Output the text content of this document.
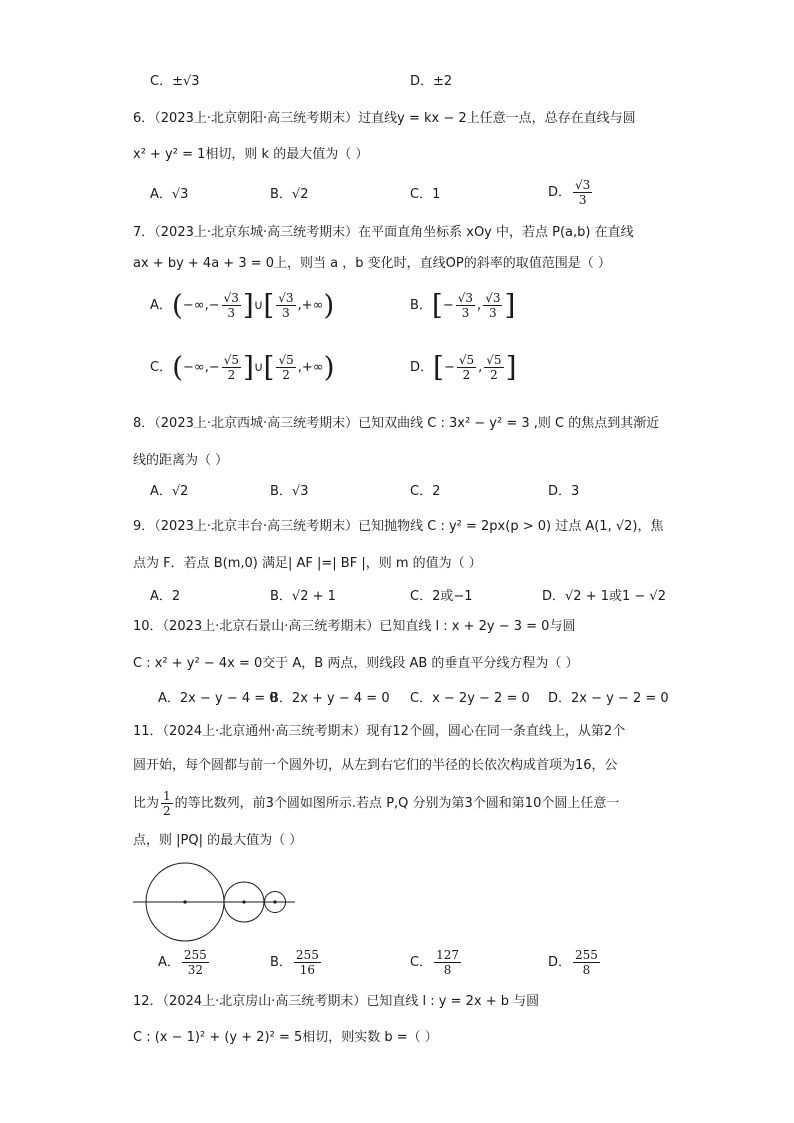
C．±√3	D．±2
6．（2023上·北京朝阳·高三统考期末）过直线y = kx − 2上任意一点，总存在直线与圆
x² + y² = 1相切，则 k 的最大值为（ ）
A．√3	B．√2	C．1	D． $\frac{√3}{3}$
7．（2023上·北京东城·高三统考期末）在平面直角坐标系 xOy 中，若点 P(a,b) 在直线
ax + by + 4a + 3 = 0上，则当 a ，b 变化时，直线OP的斜率的取值范围是（ ）
A．(−∞,− $\frac{√3}{3}$ ]∪[ $\frac{√3}{3}$ ,+∞)	B．[− $\frac{√3}{3}$ , $\frac{√3}{3}$ ]
C．(−∞,− $\frac{√5}{2}$ ]∪[ $\frac{√5}{2}$ ,+∞)	D．[− $\frac{√5}{2}$ , $\frac{√5}{2}$ ]
8．（2023上·北京西城·高三统考期末）已知双曲线 C : 3x² − y² = 3 ,则 C 的焦点到其渐近
线的距离为（ ）
A．√2	B．√3	C．2	D．3
9．（2023上·北京丰台·高三统考期末）已知抛物线 C : y² = 2px(p > 0) 过点 A(1, √2)，焦
点为 F．若点 B(m,0) 满足| AF |=| BF |，则 m 的值为（ ）
A．2	B．√2 + 1	C．2或−1	D．√2 + 1或1 − √2
10．（2023上·北京石景山·高三统考期末）已知直线 l : x + 2y − 3 = 0与圆
C : x² + y² − 4x = 0交于 A，B 两点，则线段 AB 的垂直平分线方程为（ ）
A．2x − y − 4 = 0
B．2x + y − 4 = 0 C．x − 2y − 2 = 0 D．2x − y − 2 = 0
11．（2024上·北京通州·高三统考期末）现有12个圆，圆心在同一条直线上，从第2个
圆开始，每个圆都与前一个圆外切，从左到右它们的半径的长依次构成首项为16，公
比为 $\frac{1}{2}$ 的等比数列，前3个圆如图所示.若点 P,Q 分别为第3个圆和第10个圆上任意一
点，则 |PQ| 的最大值为（ ）
A． $\frac{255}{32}$	B． $\frac{255}{16}$	C． $\frac{127}{8}$	D． $\frac{255}{8}$
12．（2024上·北京房山·高三统考期末）已知直线 l : y = 2x + b 与圆
C : (x − 1)² + (y + 2)² = 5相切，则实数 b =（ ）
